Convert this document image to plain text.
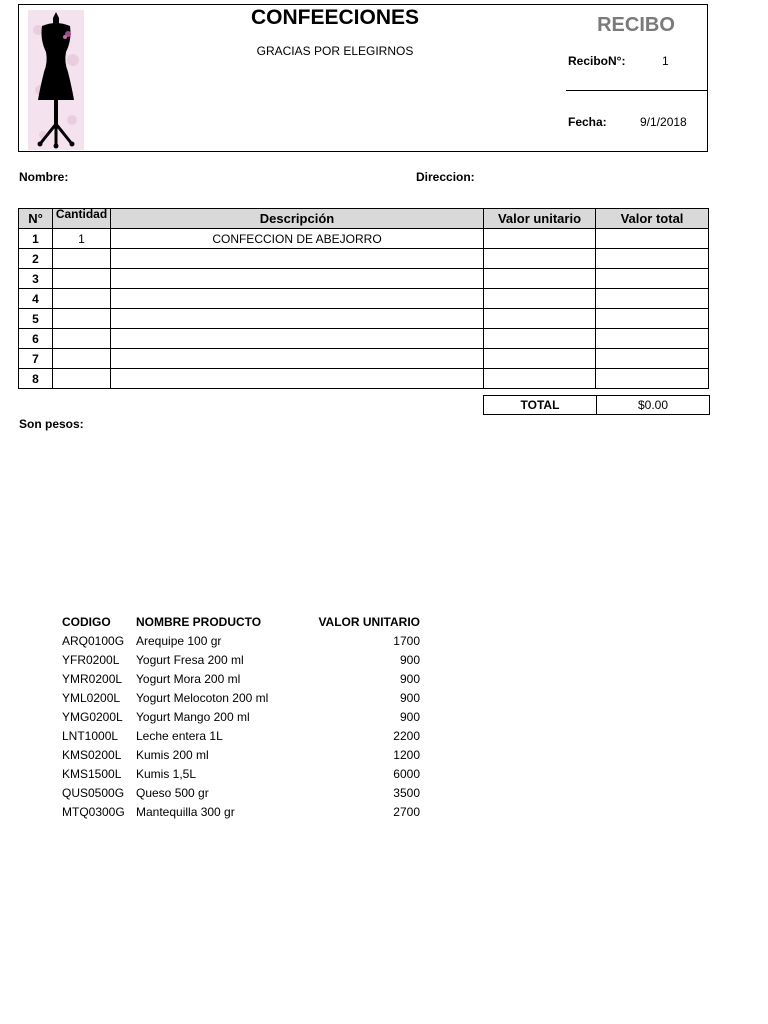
CONFEECIONES
GRACIAS POR ELEGIRNOS
RECIBO
ReciboN°:	1
Fecha:	9/1/2018
Nombre:	Direccion:
N°	Cantidad	Descripción	Valor unitario	Valor total
1	1	CONFECCION DE ABEJORRO		
2				
3				
4				
5				
6				
7				
8				
TOTAL	$0.00
Son pesos:
CODIGO	NOMBRE PRODUCTO	VALOR UNITARIO
ARQ0100G	Arequipe 100 gr	1700
YFR0200L	Yogurt Fresa 200 ml	900
YMR0200L	Yogurt Mora 200 ml	900
YML0200L	Yogurt Melocoton 200 ml	900
YMG0200L	Yogurt Mango 200 ml	900
LNT1000L	Leche entera 1L	2200
KMS0200L	Kumis 200 ml	1200
KMS1500L	Kumis 1,5L	6000
QUS0500G	Queso 500 gr	3500
MTQ0300G	Mantequilla 300 gr	2700
